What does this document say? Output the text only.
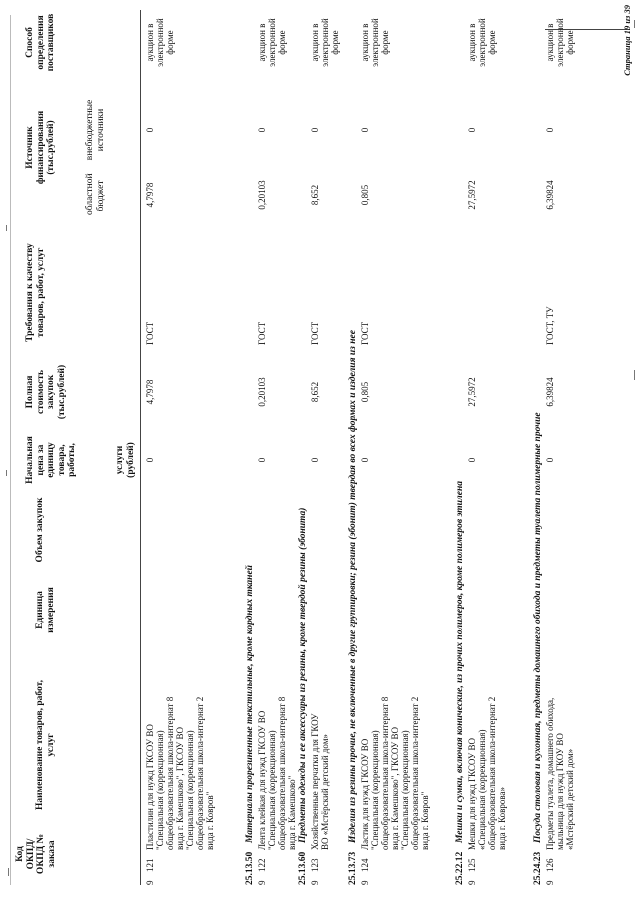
Код ОКПД/ ОКПД № заказа
Наименование товаров, работ, услуг
Единица измерения
Объем закупок
Начальная цена за единицу товара, работы,	услуги (рублей)
Полная стоимость закупок (тыс.рублей)
Требования к качеству товаров, работ, услуг
Источник финансирования (тыс.рублей)
областной бюджет
внебюджетные источники
Способ определения поставщиков
9
121
Пластилин для нужд ГКСОУ ВО
"Специальная (коррекционная)
общеобразовательная школа-интернат 8
вида г. Камешково", ГКСОУ ВО
"Специальная (коррекционная)
общеобразовательная школа-интернат 2
вида г. Ковров"
0
4,7978
ГОСТ
4,7978
0
аукцион в
электронной
форме
25.13.50
Материалы прорезиненные текстильные, кроме кордных тканей
9
122
Лента клейкая для нужд ГКСОУ ВО
"Специальная (коррекционная)
общеобразовательная школа-интернат 8
вида г. Камешково"
0
0,20103
ГОСТ
0,20103
0
аукцион в
электронной
форме
25.13.60
Предметы одежды и ее аксессуары из резины, кроме твердой резины (эбонита)
9
123
Хозяйственные перчатки для ГКОУ
ВО «Мстёрский детский дом»
0
8,652
ГОСТ
8,652
0
аукцион в
электронной
форме
25.13.73
Изделия из резины прочие, не включенные в другие группировки; резина (эбонит) твердая во всех формах и изделия из нее
9
124
Ластик для нужд ГКСОУ ВО
"Специальная (коррекционная)
общеобразовательная школа-интернат 8
вида г. Камешково", ГКСОУ ВО
"Специальная (коррекционная)
общеобразовательная школа-интернат 2
вида г. Ковров"
0
0,805
ГОСТ
0,805
0
аукцион в
электронной
форме
25.22.12
Мешки и сумки, включая конические, из прочих полимеров, кроме полимеров этилена
9
125
Мешки для нужд ГКСОУ ВО
«Специальная (коррекционная)
общеобразовательная школа-интернат 2
вида г. Коврова»
0
27,5972
27,5972
0
аукцион в
электронной
форме
25.24.23
Посуда столовая и кухонная, предметы домашнего обихода и предметы туалета полимерные прочие
9
126
Предметы туалета, домашнего обихода,
мыльница для нужд ГКОУ ВО
«Мстёрский детский дом»
0
6,39824
ГОСТ, ТУ
6,39824
0
аукцион в
электронной
форме	Страница 19 из 39
